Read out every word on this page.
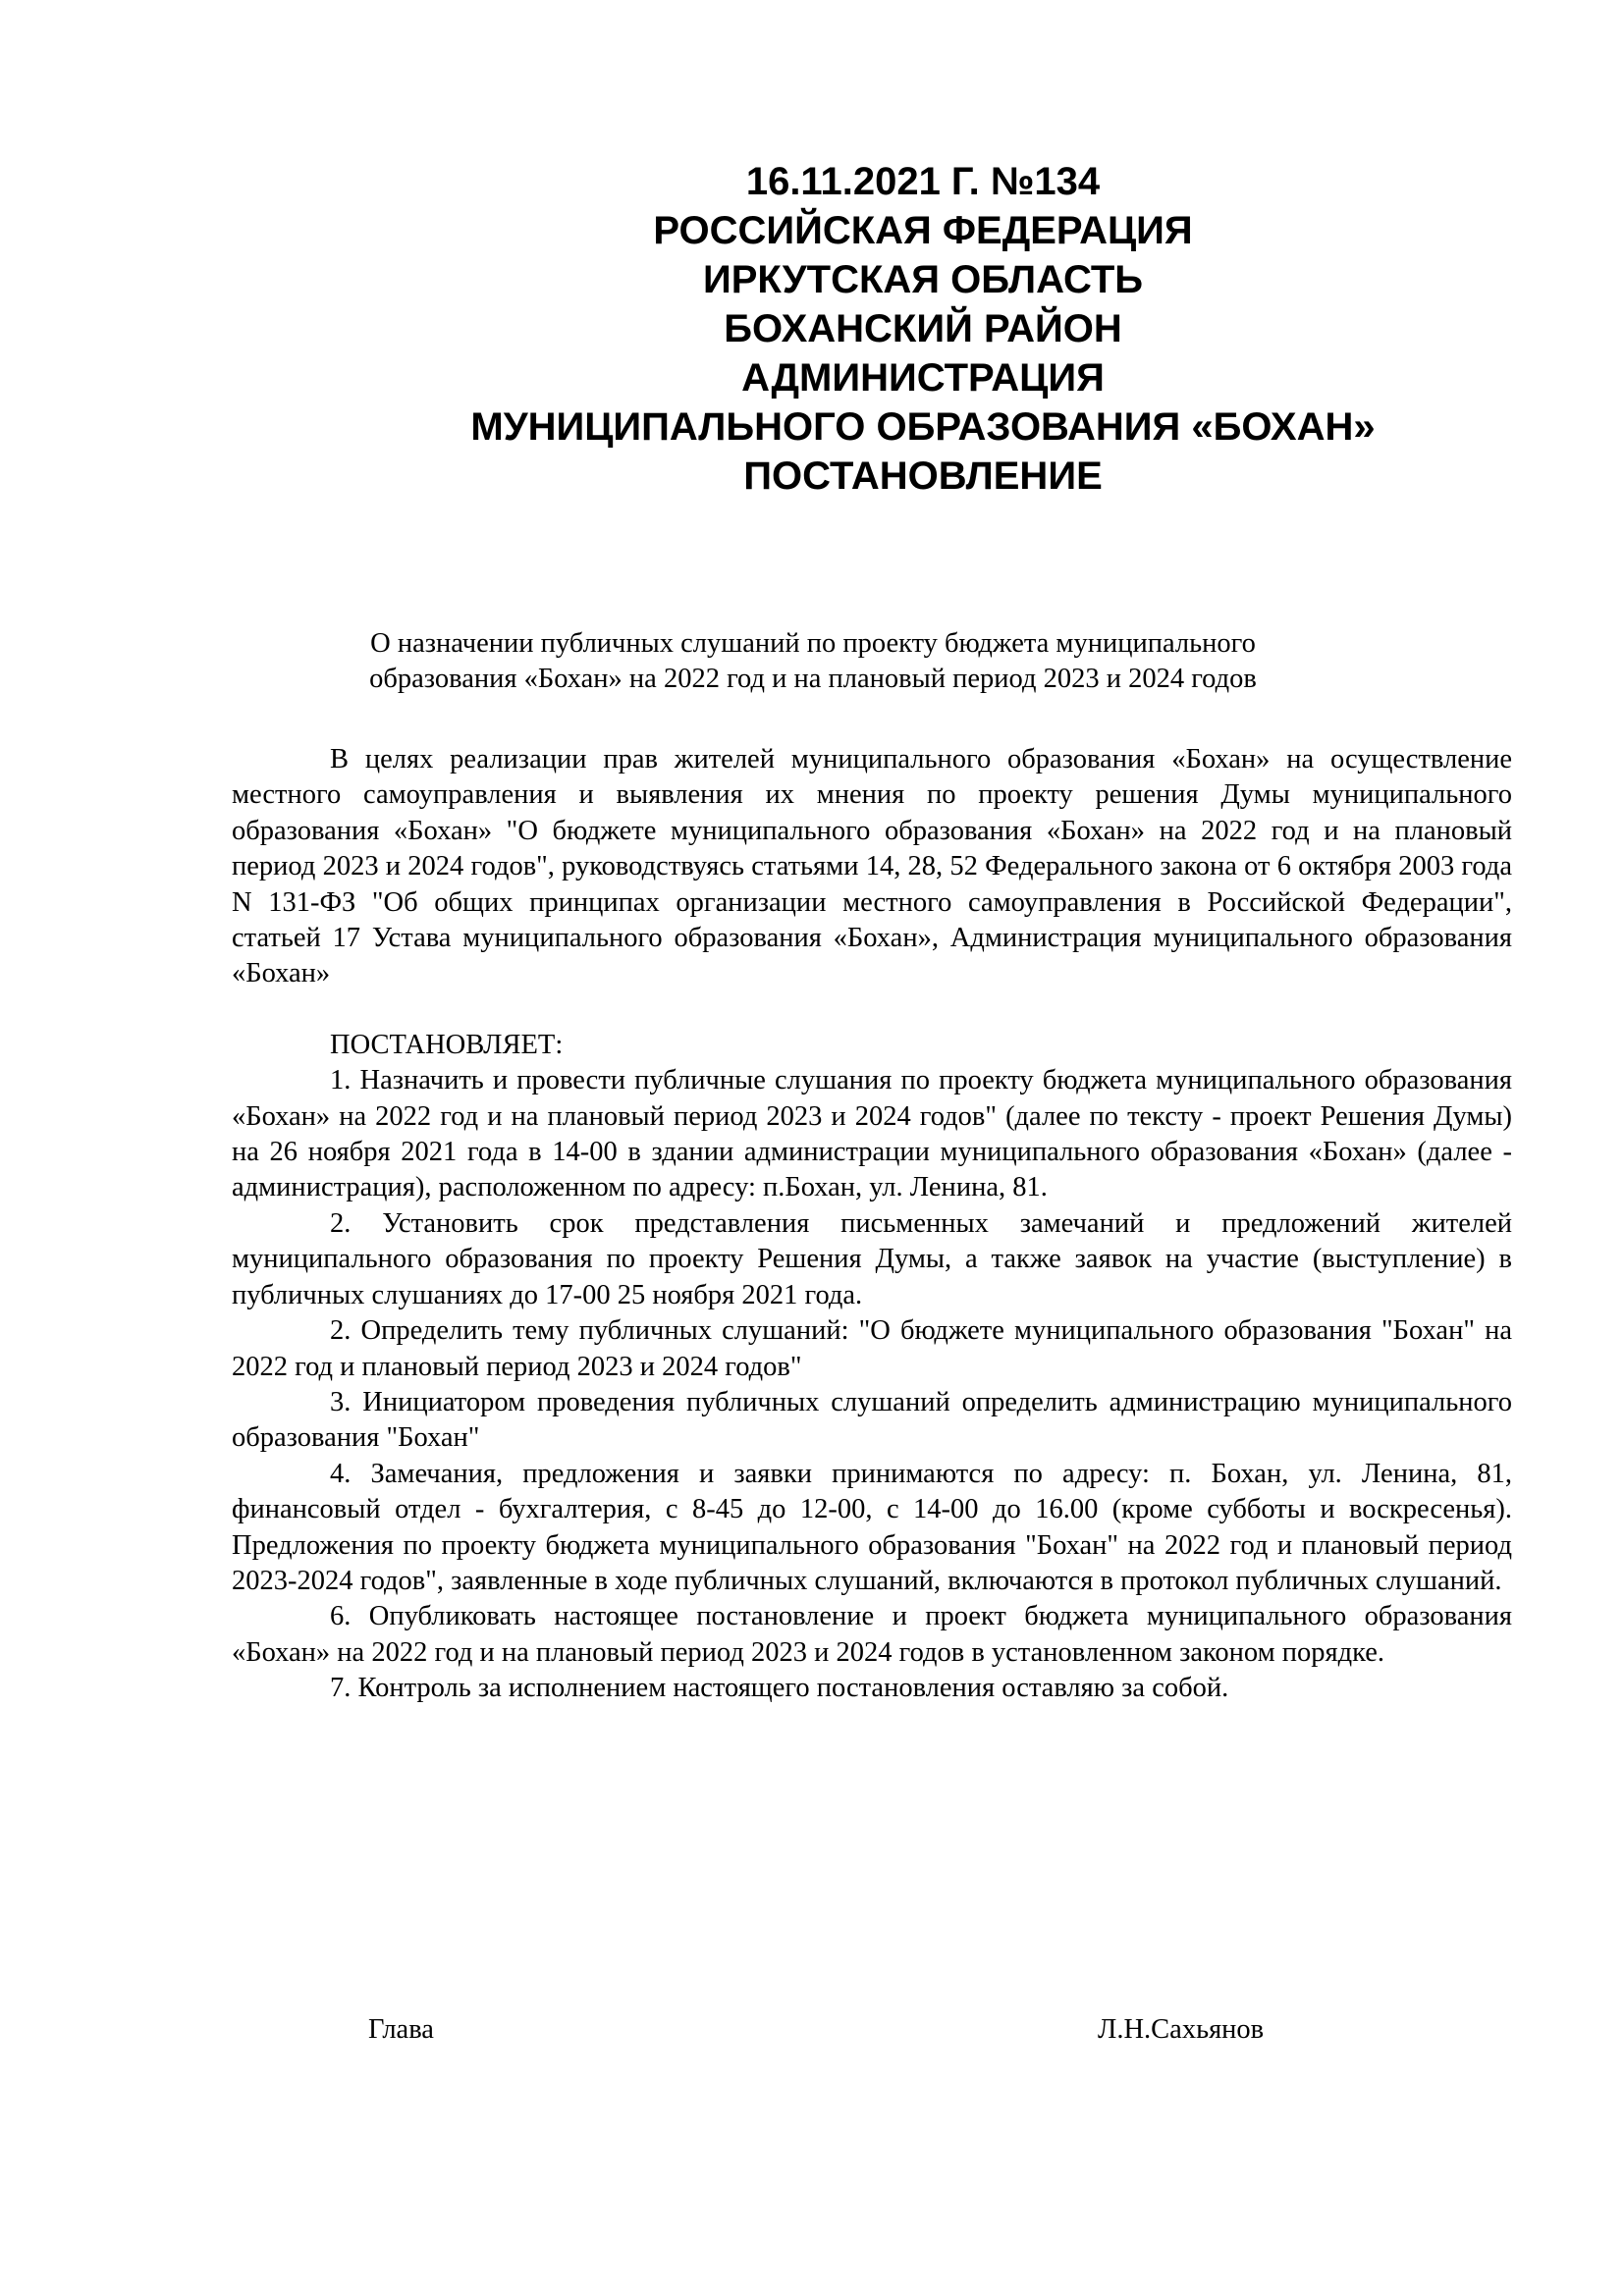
16.11.2021 Г. №134
РОССИЙСКАЯ ФЕДЕРАЦИЯ
ИРКУТСКАЯ ОБЛАСТЬ
БОХАНСКИЙ РАЙОН
АДМИНИСТРАЦИЯ
МУНИЦИПАЛЬНОГО ОБРАЗОВАНИЯ «БОХАН»
ПОСТАНОВЛЕНИЕ
О назначении публичных слушаний по проекту бюджета муниципального
образования «Бохан» на 2022 год и на плановый период 2023 и 2024 годов

В целях реализации прав жителей муниципального образования «Бохан» на осуществление местного самоуправления и выявления их мнения по проекту решения Думы муниципального образования «Бохан» "О бюджете муниципального образования «Бохан» на 2022 год и на плановый период 2023 и 2024 годов", руководствуясь статьями 14, 28, 52 Федерального закона от 6 октября 2003 года N 131-ФЗ "Об общих принципах организации местного самоуправления в Российской Федерации", статьей 17 Устава муниципального образования «Бохан», Администрация муниципального образования «Бохан»

ПОСТАНОВЛЯЕТ:

1. Назначить и провести публичные слушания по проекту бюджета муниципального образования «Бохан» на 2022 год и на плановый период 2023 и 2024 годов" (далее по тексту - проект Решения Думы) на 26 ноября 2021 года в 14-00 в здании администрации муниципального образования «Бохан» (далее - администрация), расположенном по адресу: п.Бохан, ул. Ленина, 81.

2. Установить срок представления письменных замечаний и предложений жителей муниципального образования по проекту Решения Думы, а также заявок на участие (выступление) в публичных слушаниях до 17-00 25 ноября 2021 года.

2. Определить тему публичных слушаний: "О бюджете муниципального образования "Бохан" на 2022 год и плановый период 2023 и 2024 годов"

3. Инициатором проведения публичных слушаний определить администрацию муниципального образования "Бохан"

4. Замечания, предложения и заявки принимаются по адресу: п. Бохан, ул. Ленина, 81, финансовый отдел - бухгалтерия, с 8-45 до 12-00, с 14-00 до 16.00 (кроме субботы и воскресенья). Предложения по проекту бюджета муниципального образования "Бохан" на 2022 год и плановый период 2023-2024 годов", заявленные в ходе публичных слушаний, включаются в протокол публичных слушаний.

6. Опубликовать настоящее постановление и проект бюджета муниципального образования «Бохан» на 2022 год и на плановый период 2023 и 2024 годов в установленном законом порядке.

7. Контроль за исполнением настоящего постановления оставляю за собой.

Глава	Л.Н.Сахьянов
